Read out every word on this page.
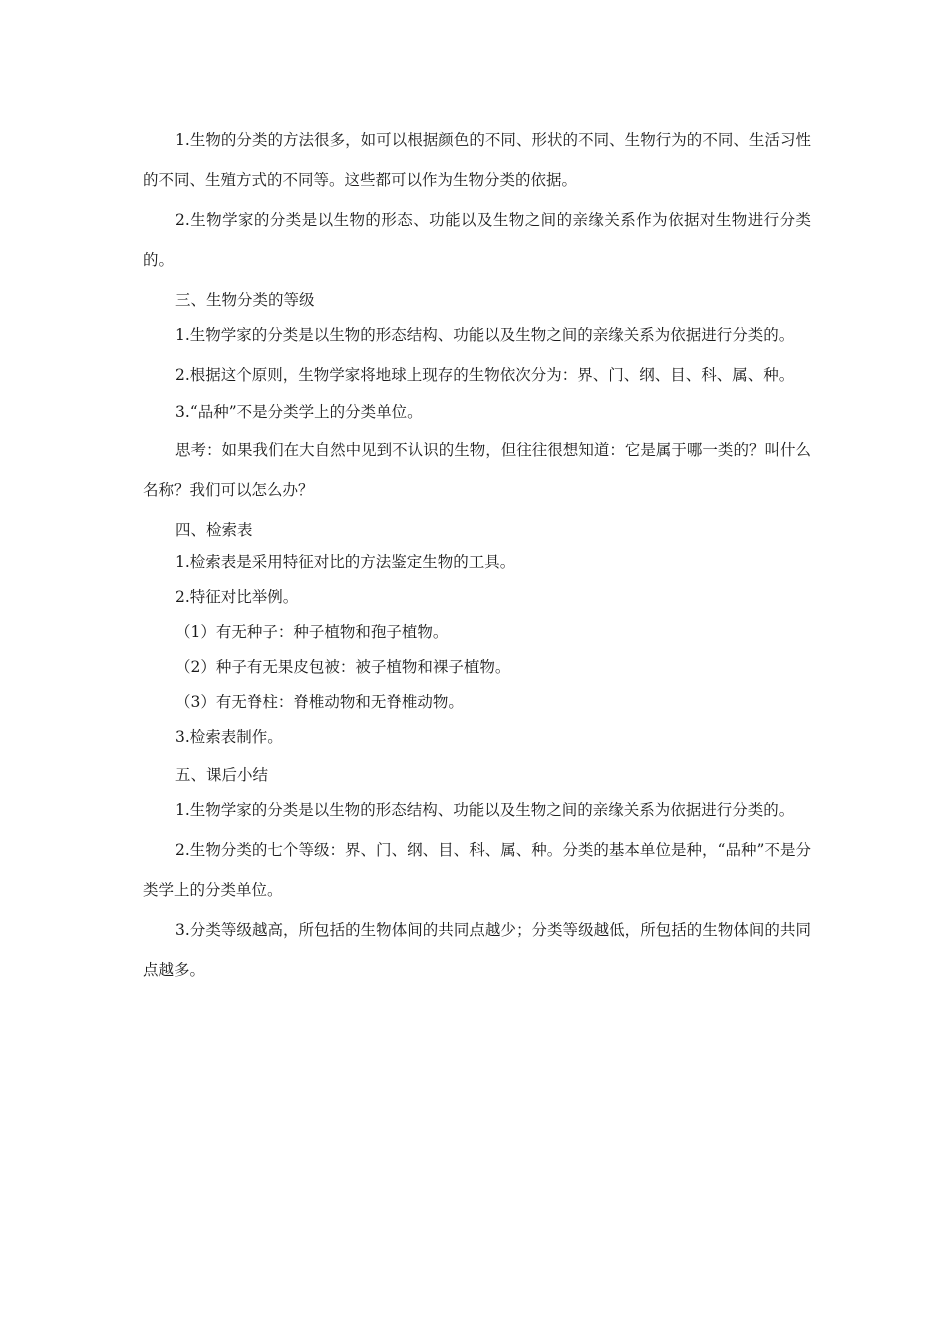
1.生物的分类的方法很多，如可以根据颜色的不同、形状的不同、生物行为的不同、生活习性的不同、生殖方式的不同等。这些都可以作为生物分类的依据。

2.生物学家的分类是以生物的形态、功能以及生物之间的亲缘关系作为依据对生物进行分类的。

三、生物分类的等级

1.生物学家的分类是以生物的形态结构、功能以及生物之间的亲缘关系为依据进行分类的。

2.根据这个原则，生物学家将地球上现存的生物依次分为：界、门、纲、目、科、属、种。

3.“品种”不是分类学上的分类单位。

思考：如果我们在大自然中见到不认识的生物，但往往很想知道：它是属于哪一类的？叫什么名称？我们可以怎么办？

四、检索表

1.检索表是采用特征对比的方法鉴定生物的工具。

2.特征对比举例。

（1）有无种子：种子植物和孢子植物。

（2）种子有无果皮包被：被子植物和裸子植物。

（3）有无脊柱：脊椎动物和无脊椎动物。

3.检索表制作。

五、课后小结

1.生物学家的分类是以生物的形态结构、功能以及生物之间的亲缘关系为依据进行分类的。

2.生物分类的七个等级：界、门、纲、目、科、属、种。分类的基本单位是种，“品种”不是分类学上的分类单位。

3.分类等级越高，所包括的生物体间的共同点越少；分类等级越低，所包括的生物体间的共同点越多。
